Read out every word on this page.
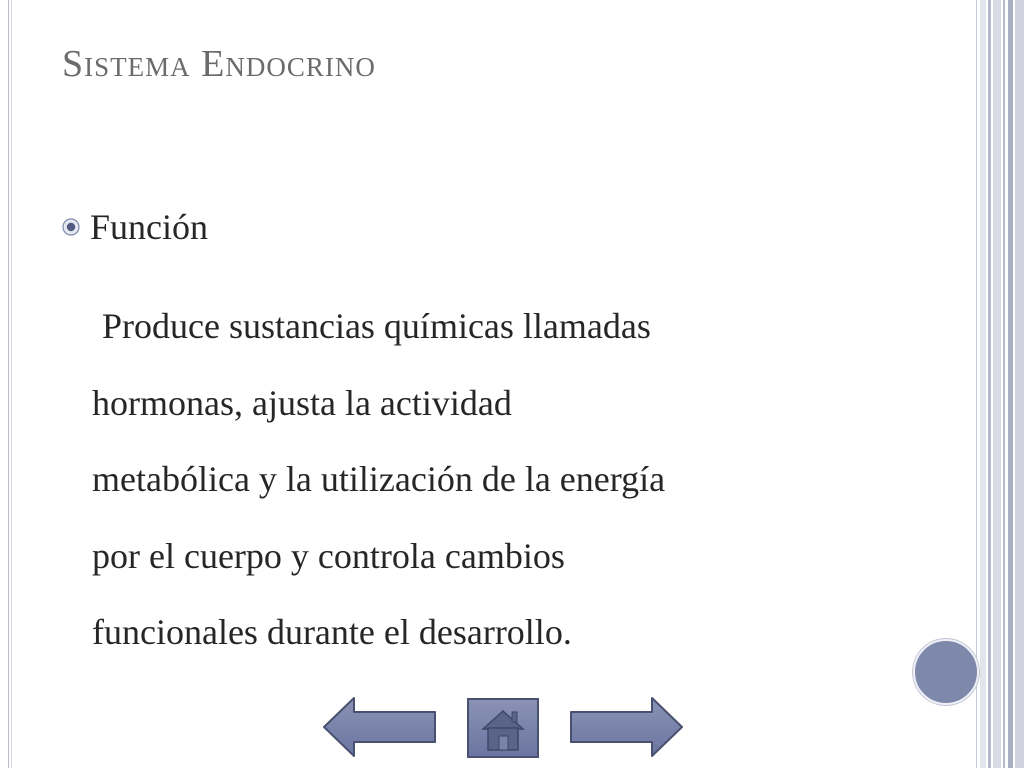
Sistema Endocrino
Función
Produce sustancias químicas llamadas
hormonas, ajusta la actividad
metabólica y la utilización de la energía
por el cuerpo y controla cambios
funcionales durante el desarrollo.
